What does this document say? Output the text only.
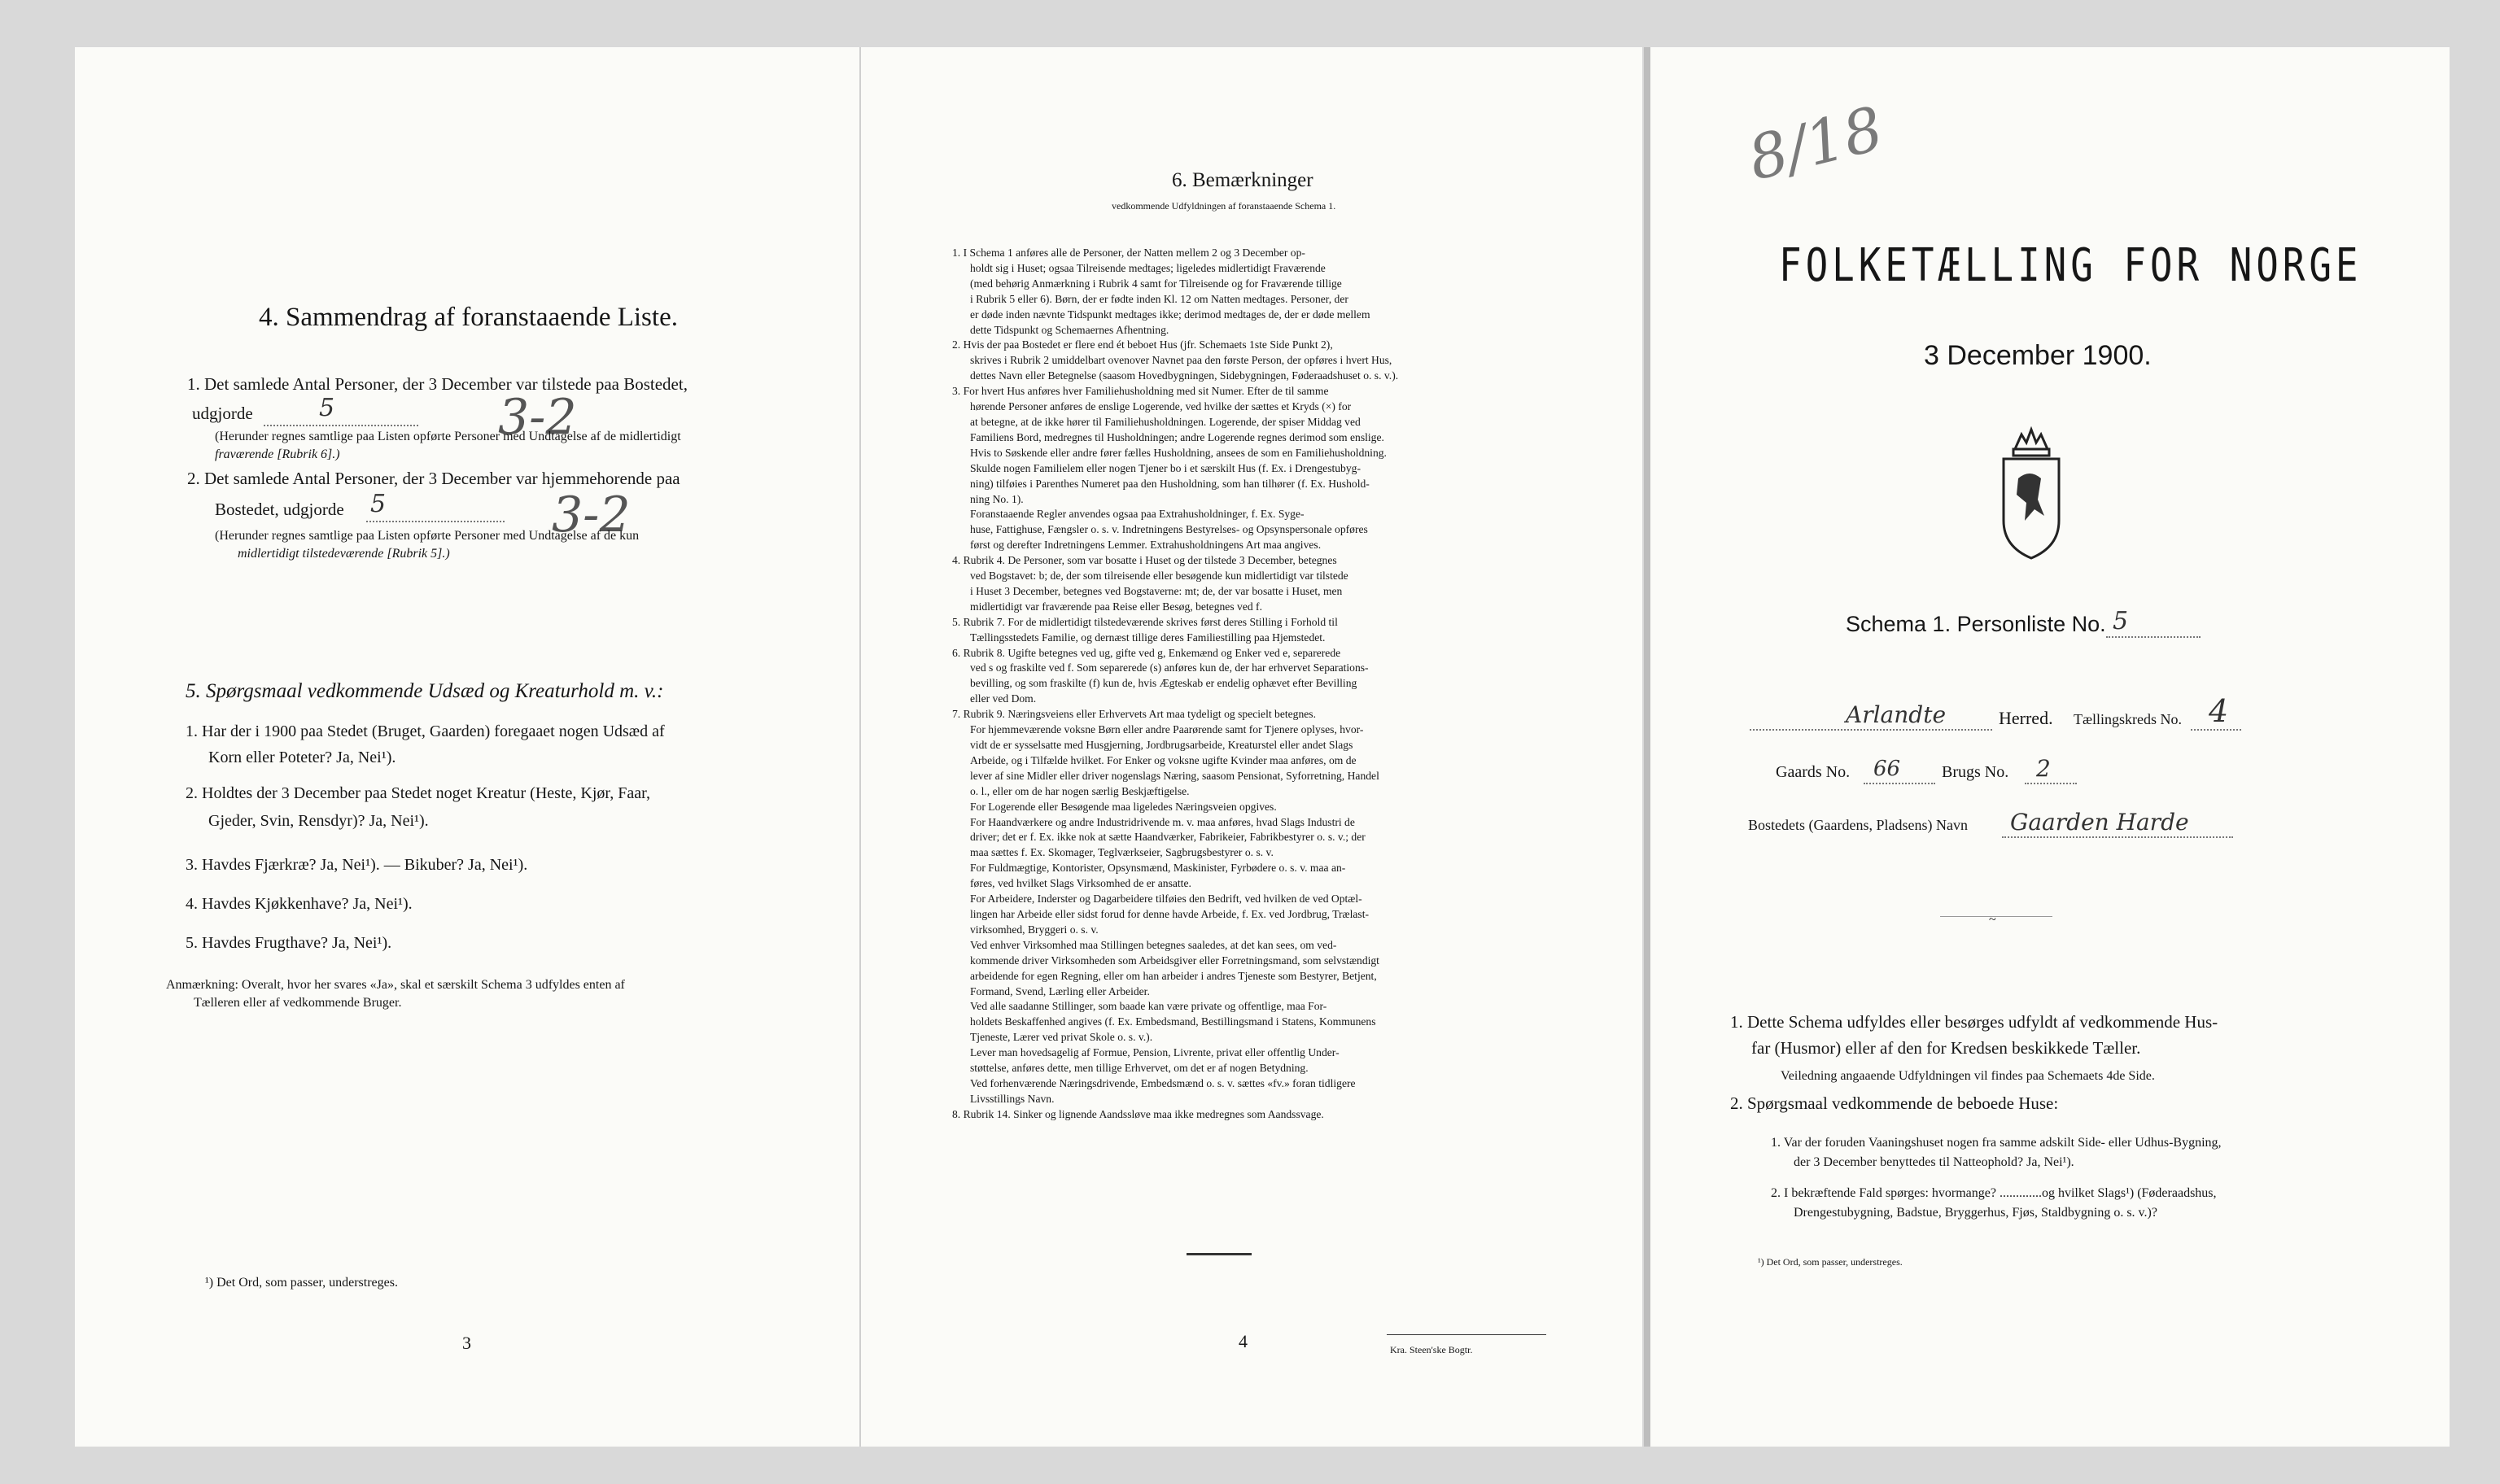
4. Sammendrag af foranstaaende Liste.
1. Det samlede Antal Personer, der 3 December var tilstede paa Bostedet,
udgjorde	5	3-2
(Herunder regnes samtlige paa Listen opførte Personer med Undtagelse af de midlertidigt
fraværende [Rubrik 6].)
2. Det samlede Antal Personer, der 3 December var hjemmehorende paa
Bostedet, udgjorde 5	3-2
(Herunder regnes samtlige paa Listen opførte Personer med Undtagelse af de kun
midlertidigt tilstedeværende [Rubrik 5].)
5. Spørgsmaal vedkommende Udsæd og Kreaturhold m. v.:
1. Har der i 1900 paa Stedet (Bruget, Gaarden) foregaaet nogen Udsæd af
Korn eller Poteter? Ja, Nei¹).
2. Holdtes der 3 December paa Stedet noget Kreatur (Heste, Kjør, Faar,
Gjeder, Svin, Rensdyr)? Ja, Nei¹).
3. Havdes Fjærkræ? Ja, Nei¹). — Bikuber? Ja, Nei¹).
4. Havdes Kjøkkenhave? Ja, Nei¹).
5. Havdes Frugthave? Ja, Nei¹).
Anmærkning: Overalt, hvor her svares «Ja», skal et særskilt Schema 3 udfyldes enten af
Tælleren eller af vedkommende Bruger.
¹) Det Ord, som passer, understreges.
3
6. Bemærkninger
vedkommende Udfyldningen af foranstaaende Schema 1.
1. I Schema 1 anføres alle de Personer, der Natten mellem 2 og 3 December op-
holdt sig i Huset; ogsaa Tilreisende medtages; ligeledes midlertidigt Fraværende
(med behørig Anmærkning i Rubrik 4 samt for Tilreisende og for Fraværende tillige
i Rubrik 5 eller 6). Børn, der er fødte inden Kl. 12 om Natten medtages. Personer, der
er døde inden nævnte Tidspunkt medtages ikke; derimod medtages de, der er døde mellem
dette Tidspunkt og Schemaernes Afhentning.
2. Hvis der paa Bostedet er flere end ét beboet Hus (jfr. Schemaets 1ste Side Punkt 2),
skrives i Rubrik 2 umiddelbart ovenover Navnet paa den første Person, der opføres i hvert Hus,
dettes Navn eller Betegnelse (saasom Hovedbygningen, Sidebygningen, Føderaadshuset o. s. v.).
3. For hvert Hus anføres hver Familiehusholdning med sit Numer. Efter de til samme
hørende Personer anføres de enslige Logerende, ved hvilke der sættes et Kryds (×) for
at betegne, at de ikke hører til Familiehusholdningen. Logerende, der spiser Middag ved
Familiens Bord, medregnes til Husholdningen; andre Logerende regnes derimod som enslige.
Hvis to Søskende eller andre fører fælles Husholdning, ansees de som en Familiehusholdning.
Skulde nogen Familielem eller nogen Tjener bo i et særskilt Hus (f. Ex. i Drengestubyg-
ning) tilføies i Parenthes Numeret paa den Husholdning, som han tilhører (f. Ex. Hushold-
ning No. 1).
Foranstaaende Regler anvendes ogsaa paa Extrahusholdninger, f. Ex. Syge-
huse, Fattighuse, Fængsler o. s. v. Indretningens Bestyrelses- og Opsynspersonale opføres
først og derefter Indretningens Lemmer. Extrahusholdningens Art maa angives.
4. Rubrik 4. De Personer, som var bosatte i Huset og der tilstede 3 December, betegnes
ved Bogstavet: b; de, der som tilreisende eller besøgende kun midlertidigt var tilstede
i Huset 3 December, betegnes ved Bogstaverne: mt; de, der var bosatte i Huset, men
midlertidigt var fraværende paa Reise eller Besøg, betegnes ved f.
5. Rubrik 7. For de midlertidigt tilstedeværende skrives først deres Stilling i Forhold til
Tællingsstedets Familie, og dernæst tillige deres Familiestilling paa Hjemstedet.
6. Rubrik 8. Ugifte betegnes ved ug, gifte ved g, Enkemænd og Enker ved e, separerede
ved s og fraskilte ved f. Som separerede (s) anføres kun de, der har erhvervet Separations-
bevilling, og som fraskilte (f) kun de, hvis Ægteskab er endelig ophævet efter Bevilling
eller ved Dom.
7. Rubrik 9. Næringsveiens eller Erhvervets Art maa tydeligt og specielt betegnes.
For hjemmeværende voksne Børn eller andre Paarørende samt for Tjenere oplyses, hvor-
vidt de er sysselsatte med Husgjerning, Jordbrugsarbeide, Kreaturstel eller andet Slags
Arbeide, og i Tilfælde hvilket. For Enker og voksne ugifte Kvinder maa anføres, om de
lever af sine Midler eller driver nogenslags Næring, saasom Pensionat, Syforretning, Handel
o. l., eller om de har nogen særlig Beskjæftigelse.
For Logerende eller Besøgende maa ligeledes Næringsveien opgives.
For Haandværkere og andre Industridrivende m. v. maa anføres, hvad Slags Industri de
driver; det er f. Ex. ikke nok at sætte Haandværker, Fabrikeier, Fabrikbestyrer o. s. v.; der
maa sættes f. Ex. Skomager, Teglværkseier, Sagbrugsbestyrer o. s. v.
For Fuldmægtige, Kontorister, Opsynsmænd, Maskinister, Fyrbødere o. s. v. maa an-
føres, ved hvilket Slags Virksomhed de er ansatte.
For Arbeidere, Inderster og Dagarbeidere tilføies den Bedrift, ved hvilken de ved Optæl-
lingen har Arbeide eller sidst forud for denne havde Arbeide, f. Ex. ved Jordbrug, Trælast-
virksomhed, Bryggeri o. s. v.
Ved enhver Virksomhed maa Stillingen betegnes saaledes, at det kan sees, om ved-
kommende driver Virksomheden som Arbeidsgiver eller Forretningsmand, som selvstændigt
arbeidende for egen Regning, eller om han arbeider i andres Tjeneste som Bestyrer, Betjent,
Formand, Svend, Lærling eller Arbeider.
Ved alle saadanne Stillinger, som baade kan være private og offentlige, maa For-
holdets Beskaffenhed angives (f. Ex. Embedsmand, Bestillingsmand i Statens, Kommunens
Tjeneste, Lærer ved privat Skole o. s. v.).
Lever man hovedsagelig af Formue, Pension, Livrente, privat eller offentlig Under-
støttelse, anføres dette, men tillige Erhvervet, om det er af nogen Betydning.
Ved forhenværende Næringsdrivende, Embedsmænd o. s. v. sættes «fv.» foran tidligere
Livsstillings Navn.
8. Rubrik 14. Sinker og lignende Aandssløve maa ikke medregnes som Aandssvage.
4	Kra. Steen'ske Bogtr.
8/18
FOLKETÆLLING FOR NORGE
3 December 1900.
Schema 1. Personliste No. 5
Arlandte	Herred. Tællingskreds No. 4
Gaards No. 66	Brugs No. 2
Bostedets (Gaardens, Pladsens) Navn Gaarden Harde
~
1. Dette Schema udfyldes eller besørges udfyldt af vedkommende Hus-
far (Husmor) eller af den for Kredsen beskikkede Tæller.
Veiledning angaaende Udfyldningen vil findes paa Schemaets 4de Side.
2. Spørgsmaal vedkommende de beboede Huse:
1. Var der foruden Vaaningshuset nogen fra samme adskilt Side- eller Udhus-Bygning,
der 3 December benyttedes til Natteophold? Ja, Nei¹).
2. I bekræftende Fald spørges: hvormange? .............og hvilket Slags¹) (Føderaadshus,
Drengestubygning, Badstue, Bryggerhus, Fjøs, Staldbygning o. s. v.)?
¹) Det Ord, som passer, understreges.
